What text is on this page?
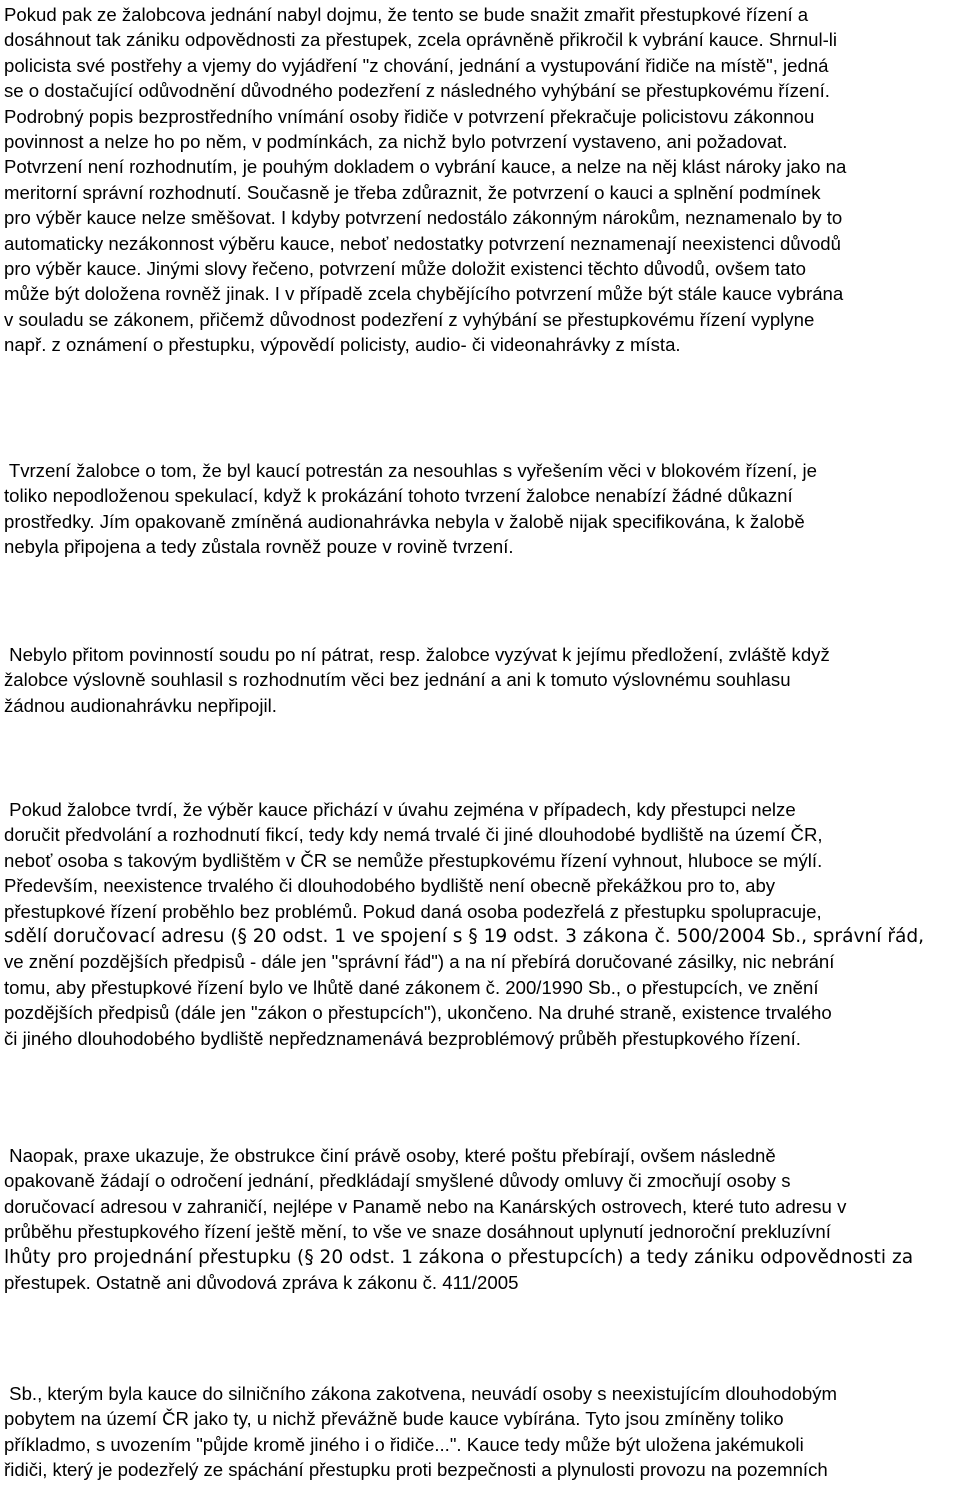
Pokud pak ze žalobcova jednání nabyl dojmu, že tento se bude snažit zmařit přestupkové řízení a
dosáhnout tak zániku odpovědnosti za přestupek, zcela oprávněně přikročil k vybrání kauce. Shrnul-li
policista své postřehy a vjemy do vyjádření "z chování, jednání a vystupování řidiče na místě", jedná
se o dostačující odůvodnění důvodného podezření z následného vyhýbání se přestupkovému řízení.
Podrobný popis bezprostředního vnímání osoby řidiče v potvrzení překračuje policistovu zákonnou
povinnost a nelze ho po něm, v podmínkách, za nichž bylo potvrzení vystaveno, ani požadovat.
Potvrzení není rozhodnutím, je pouhým dokladem o vybrání kauce, a nelze na něj klást nároky jako na
meritorní správní rozhodnutí. Současně je třeba zdůraznit, že potvrzení o kauci a splnění podmínek
pro výběr kauce nelze směšovat. I kdyby potvrzení nedostálo zákonným nárokům, neznamenalo by to
automaticky nezákonnost výběru kauce, neboť nedostatky potvrzení neznamenají neexistenci důvodů
pro výběr kauce. Jinými slovy řečeno, potvrzení může doložit existenci těchto důvodů, ovšem tato
může být doložena rovněž jinak. I v případě zcela chybějícího potvrzení může být stále kauce vybrána
v souladu se zákonem, přičemž důvodnost podezření z vyhýbání se přestupkovému řízení vyplyne
např. z oznámení o přestupku, výpovědí policisty, audio- či videonahrávky z místa.

Tvrzení žalobce o tom, že byl kaucí potrestán za nesouhlas s vyřešením věci v blokovém řízení, je
toliko nepodloženou spekulací, když k prokázání tohoto tvrzení žalobce nenabízí žádné důkazní
prostředky. Jím opakovaně zmíněná audionahrávka nebyla v žalobě nijak specifikována, k žalobě
nebyla připojena a tedy zůstala rovněž pouze v rovině tvrzení.

Nebylo přitom povinností soudu po ní pátrat, resp. žalobce vyzývat k jejímu předložení, zvláště když
žalobce výslovně souhlasil s rozhodnutím věci bez jednání a ani k tomuto výslovnému souhlasu
žádnou audionahrávku nepřipojil.

Pokud žalobce tvrdí, že výběr kauce přichází v úvahu zejména v případech, kdy přestupci nelze
doručit předvolání a rozhodnutí fikcí, tedy kdy nemá trvalé či jiné dlouhodobé bydliště na území ČR,
neboť osoba s takovým bydlištěm v ČR se nemůže přestupkovému řízení vyhnout, hluboce se mýlí.
Především, neexistence trvalého či dlouhodobého bydliště není obecně překážkou pro to, aby
přestupkové řízení proběhlo bez problémů. Pokud daná osoba podezřelá z přestupku spolupracuje,
sdělí doručovací adresu (§ 20 odst. 1 ve spojení s § 19 odst. 3 zákona č. 500/2004 Sb., správní řád,
ve znění pozdějších předpisů - dále jen "správní řád") a na ní přebírá doručované zásilky, nic nebrání
tomu, aby přestupkové řízení bylo ve lhůtě dané zákonem č. 200/1990 Sb., o přestupcích, ve znění
pozdějších předpisů (dále jen "zákon o přestupcích"), ukončeno. Na druhé straně, existence trvalého
či jiného dlouhodobého bydliště nepředznamenává bezproblémový průběh přestupkového řízení.

Naopak, praxe ukazuje, že obstrukce činí právě osoby, které poštu přebírají, ovšem následně
opakovaně žádají o odročení jednání, předkládají smyšlené důvody omluvy či zmocňují osoby s
doručovací adresou v zahraničí, nejlépe v Panamě nebo na Kanárských ostrovech, které tuto adresu v
průběhu přestupkového řízení ještě mění, to vše ve snaze dosáhnout uplynutí jednoroční prekluzívní
lhůty pro projednání přestupku (§ 20 odst. 1 zákona o přestupcích) a tedy zániku odpovědnosti za
přestupek. Ostatně ani důvodová zpráva k zákonu č. 411/2005

Sb., kterým byla kauce do silničního zákona zakotvena, neuvádí osoby s neexistujícím dlouhodobým
pobytem na území ČR jako ty, u nichž převážně bude kauce vybírána. Tyto jsou zmíněny toliko
příkladmo, s uvozením "půjde kromě jiného i o řidiče...". Kauce tedy může být uložena jakémukoli
řidiči, který je podezřelý ze spáchání přestupku proti bezpečnosti a plynulosti provozu na pozemních
